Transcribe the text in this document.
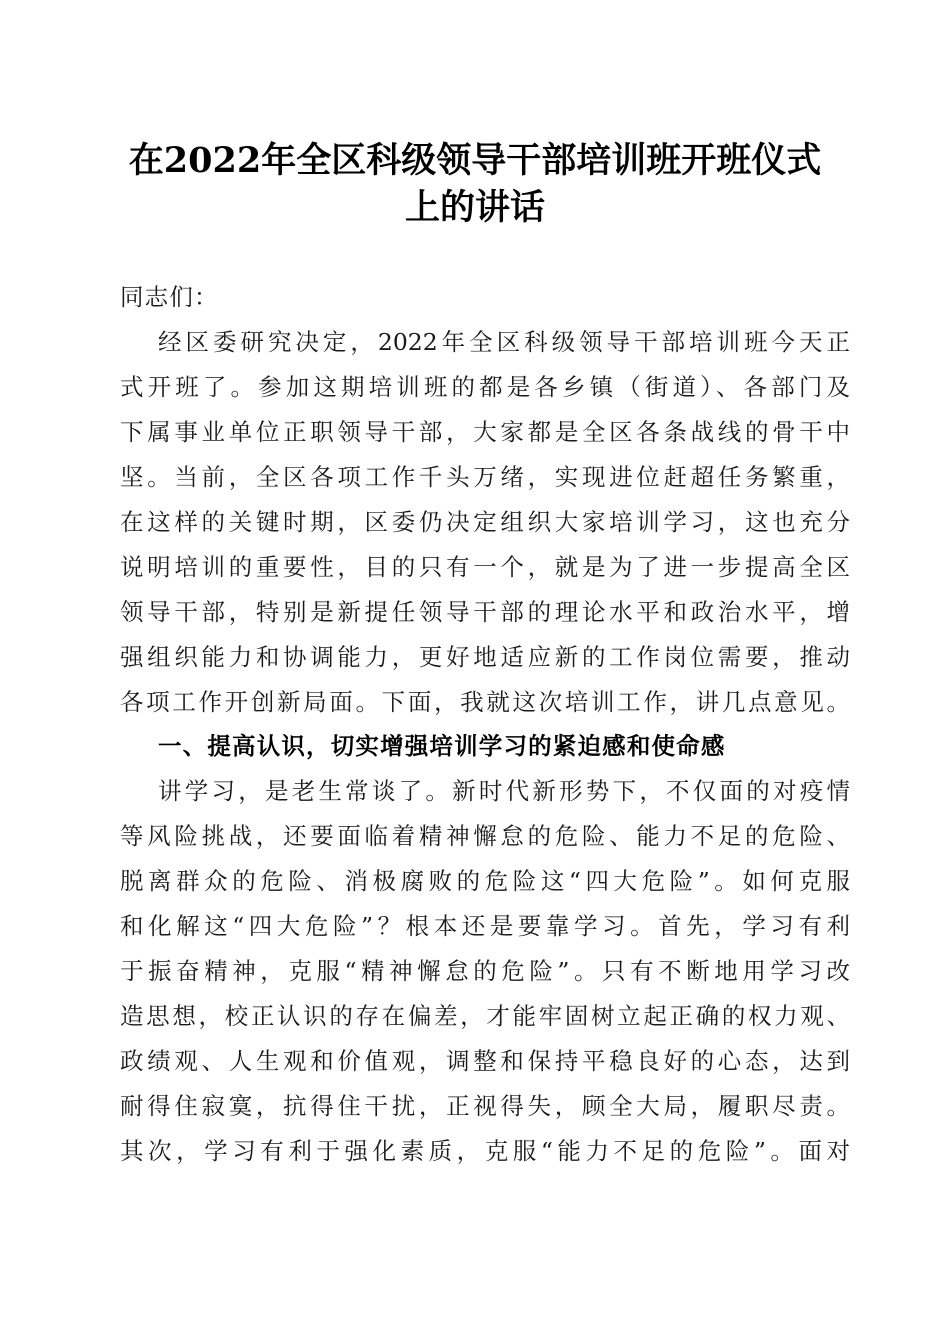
在2022年全区科级领导干部培训班开班仪式
上的讲话
同志们：
经区委研究决定，2022年全区科级领导干部培训班今天正
式开班了。参加这期培训班的都是各乡镇（街道）、各部门及
下属事业单位正职领导干部，大家都是全区各条战线的骨干中
坚。当前，全区各项工作千头万绪，实现进位赶超任务繁重，
在这样的关键时期，区委仍决定组织大家培训学习，这也充分
说明培训的重要性，目的只有一个，就是为了进一步提高全区
领导干部，特别是新提任领导干部的理论水平和政治水平，增
强组织能力和协调能力，更好地适应新的工作岗位需要，推动
各项工作开创新局面。下面，我就这次培训工作，讲几点意见。
一、提高认识，切实增强培训学习的紧迫感和使命感
讲学习，是老生常谈了。新时代新形势下，不仅面的对疫情
等风险挑战，还要面临着精神懈怠的危险、能力不足的危险、
脱离群众的危险、消极腐败的危险这“四大危险”。如何克服
和化解这“四大危险”？根本还是要靠学习。首先，学习有利
于振奋精神，克服“精神懈怠的危险”。只有不断地用学习改
造思想，校正认识的存在偏差，才能牢固树立起正确的权力观、
政绩观、人生观和价值观，调整和保持平稳良好的心态，达到
耐得住寂寞，抗得住干扰，正视得失，顾全大局，履职尽责。
其次，学习有利于强化素质，克服“能力不足的危险”。面对
